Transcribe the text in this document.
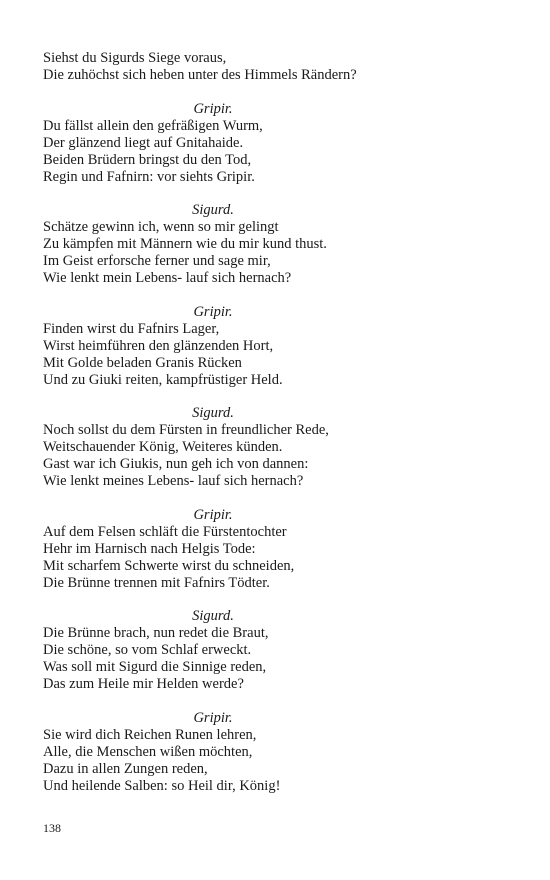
Siehst du Sigurds Siege voraus,

Die zuhöchst sich heben unter des Himmels Rändern?

Gripir.

Du fällst allein den gefräßigen Wurm,

Der glänzend liegt auf Gnitahaide.

Beiden Brüdern bringst du den Tod,

Regin und Fafnirn: vor siehts Gripir.

Sigurd.

Schätze gewinn ich, wenn so mir gelingt

Zu kämpfen mit Männern wie du mir kund thust.

Im Geist erforsche ferner und sage mir,

Wie lenkt mein Lebens- lauf sich hernach?

Gripir.

Finden wirst du Fafnirs Lager,

Wirst heimführen den glänzenden Hort,

Mit Golde beladen Granis Rücken

Und zu Giuki reiten, kampfrüstiger Held.

Sigurd.

Noch sollst du dem Fürsten in freundlicher Rede,

Weitschauender König, Weiteres künden.

Gast war ich Giukis, nun geh ich von dannen:

Wie lenkt meines Lebens- lauf sich hernach?

Gripir.

Auf dem Felsen schläft die Fürstentochter

Hehr im Harnisch nach Helgis Tode:

Mit scharfem Schwerte wirst du schneiden,

Die Brünne trennen mit Fafnirs Tödter.

Sigurd.

Die Brünne brach, nun redet die Braut,

Die schöne, so vom Schlaf erweckt.

Was soll mit Sigurd die Sinnige reden,

Das zum Heile mir Helden werde?

Gripir.

Sie wird dich Reichen Runen lehren,

Alle, die Menschen wißen möchten,

Dazu in allen Zungen reden,

Und heilende Salben: so Heil dir, König!

138
